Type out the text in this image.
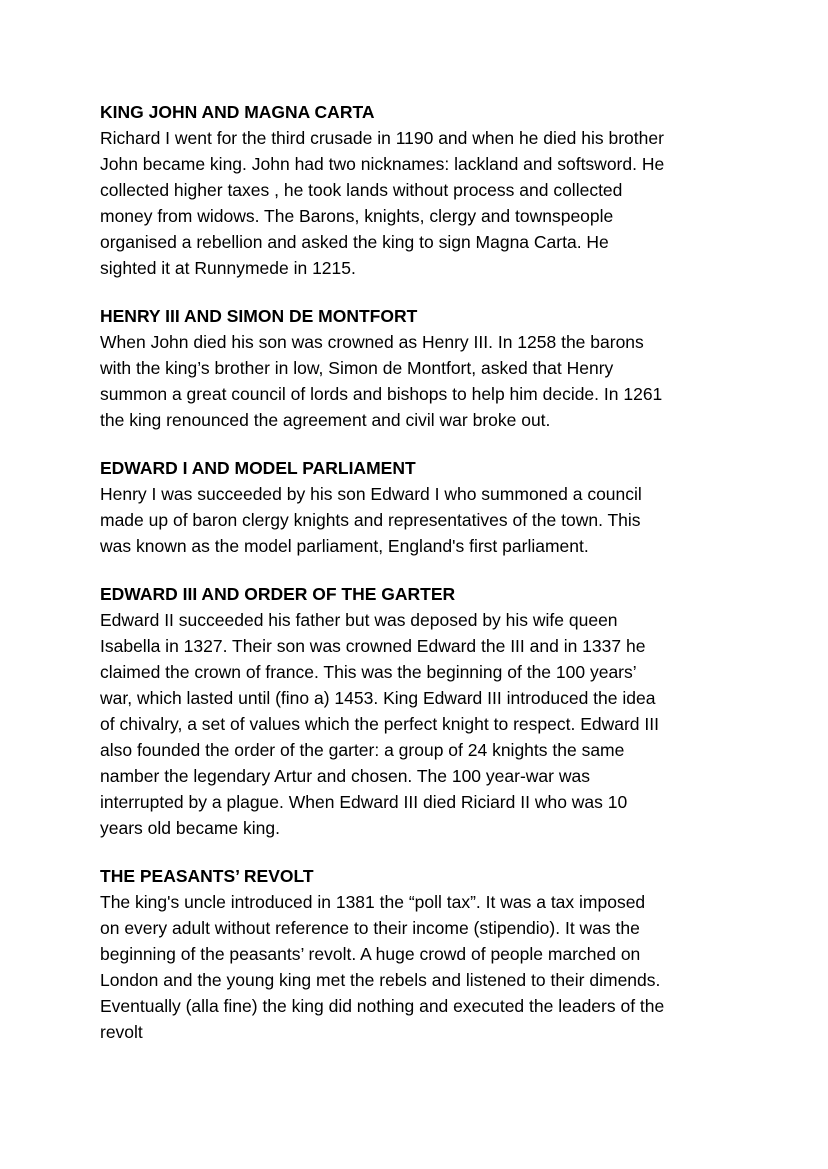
KING JOHN AND MAGNA CARTA

Richard I went for the third crusade in 1190 and when he died his brother

John became king. John had two nicknames: lackland and softsword. He

collected higher taxes , he took lands without process and collected

money from widows. The Barons, knights, clergy and townspeople

organised a rebellion and asked the king to sign Magna Carta. He

sighted it at Runnymede in 1215.

HENRY III AND SIMON DE MONTFORT

When John died his son was crowned as Henry III. In 1258 the barons

with the king’s brother in low, Simon de Montfort, asked that Henry

summon a great council of lords and bishops to help him decide. In 1261

the king renounced the agreement and civil war broke out.

EDWARD I AND MODEL PARLIAMENT

Henry I was succeeded by his son Edward I who summoned a council

made up of baron clergy knights and representatives of the town. This

was known as the model parliament, England's first parliament.

EDWARD III AND ORDER OF THE GARTER

Edward II succeeded his father but was deposed by his wife queen

Isabella in 1327. Their son was crowned Edward the III and in 1337 he

claimed the crown of france. This was the beginning of the 100 years’

war, which lasted until (fino a) 1453. King Edward III introduced the idea

of chivalry, a set of values which the perfect knight to respect. Edward III

also founded the order of the garter: a group of 24 knights the same

namber the legendary Artur and chosen. The 100 year-war was

interrupted by a plague. When Edward III died Riciard II who was 10

years old became king.

THE PEASANTS’ REVOLT

The king's uncle introduced in 1381 the “poll tax”. It was a tax imposed

on every adult without reference to their income (stipendio). It was the

beginning of the peasants’ revolt. A huge crowd of people marched on

London and the young king met the rebels and listened to their dimends.

Eventually (alla fine) the king did nothing and executed the leaders of the

revolt
